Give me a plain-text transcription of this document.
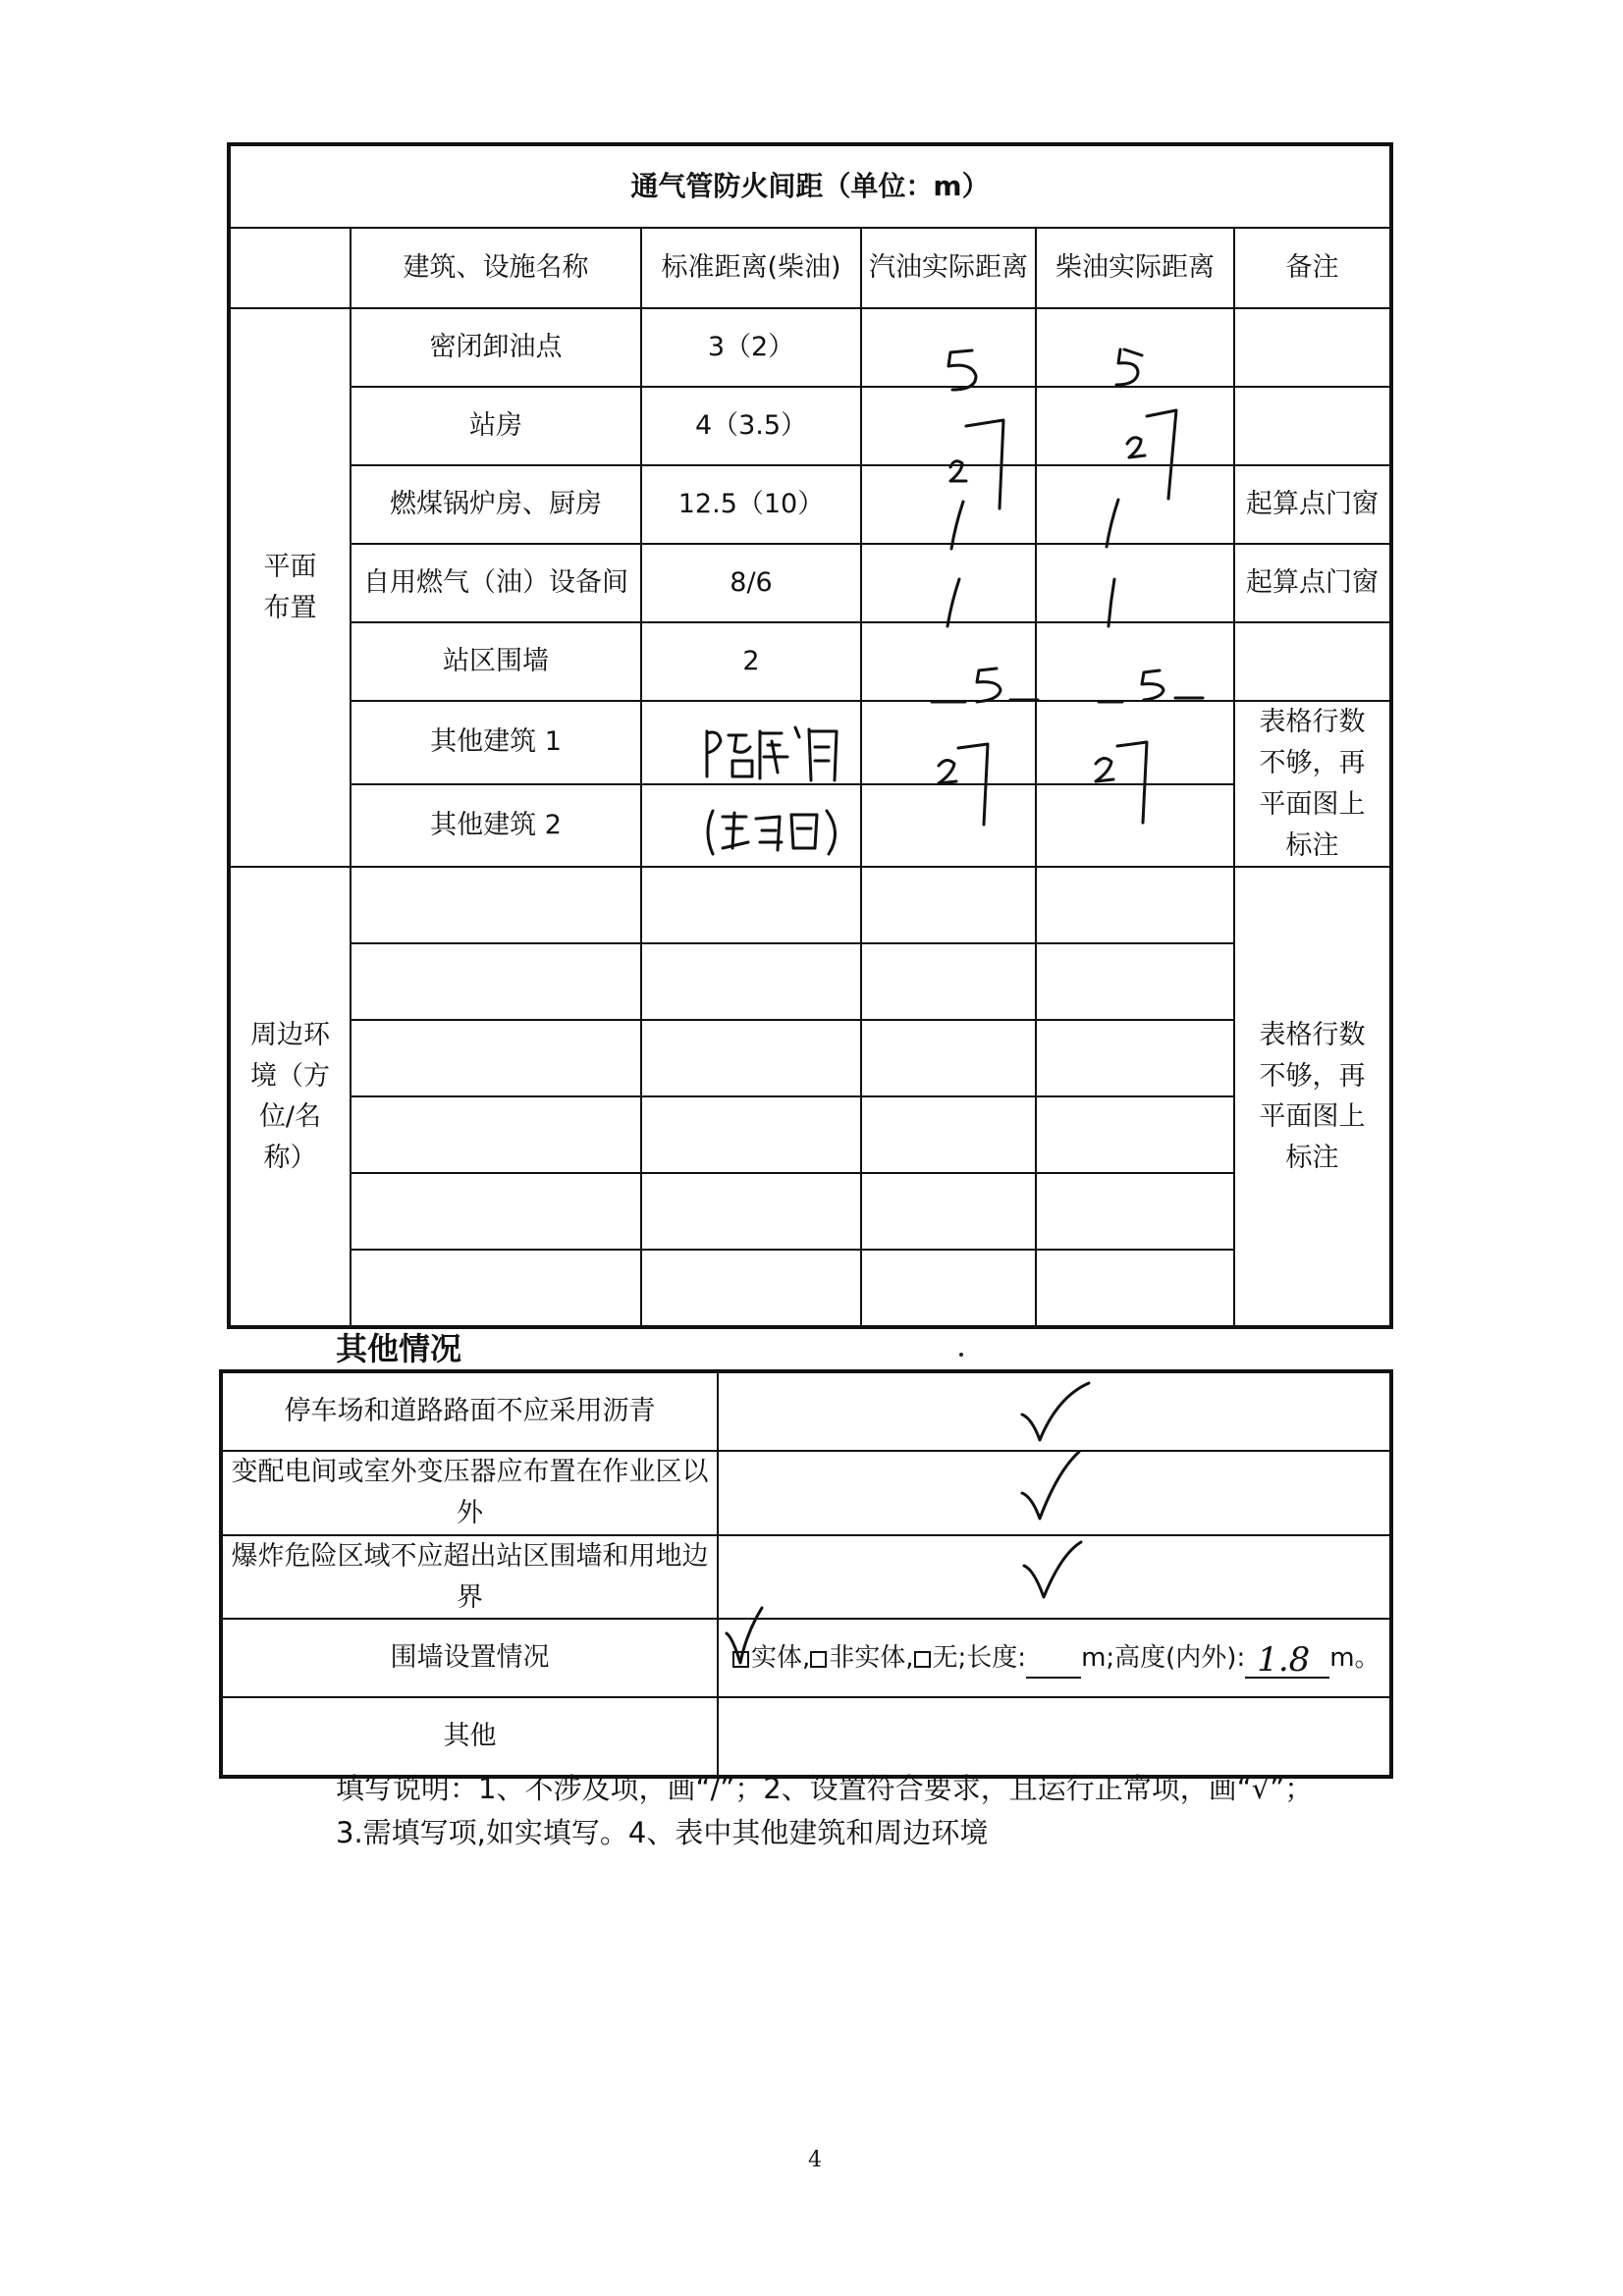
通气管防火间距（单位：m）					
	建筑、设施名称	标准距离(柴油)	汽油实际距离	柴油实际距离	备注

平面布置	密闭卸油点	3（2）			
	站房	4（3.5）			
	燃煤锅炉房、厨房	12.5（10）			起算点门窗
	自用燃气（油）设备间	8/6			起算点门窗
	站区围墙	2			
	其他建筑 1				表格行数不够，再平面图上标注

	其他建筑 2				

周边环境（方位/名称）					表格行数不够，再平面图上标注

其他情况
停车场和道路路面不应采用沥青	

变配电间或室外变压器应布置在作业区以外	

爆炸危险区域不应超出站区围墙和用地边界	

围墙设置情况	实体, 非实体, 无;长度: m;高度(内外): 1.8 m。
其他	
填写说明：1、不涉及项，画“/”；2、设置符合要求，且运行正常项，画“√”；
3.需填写项,如实填写。4、表中其他建筑和周边环境
4
